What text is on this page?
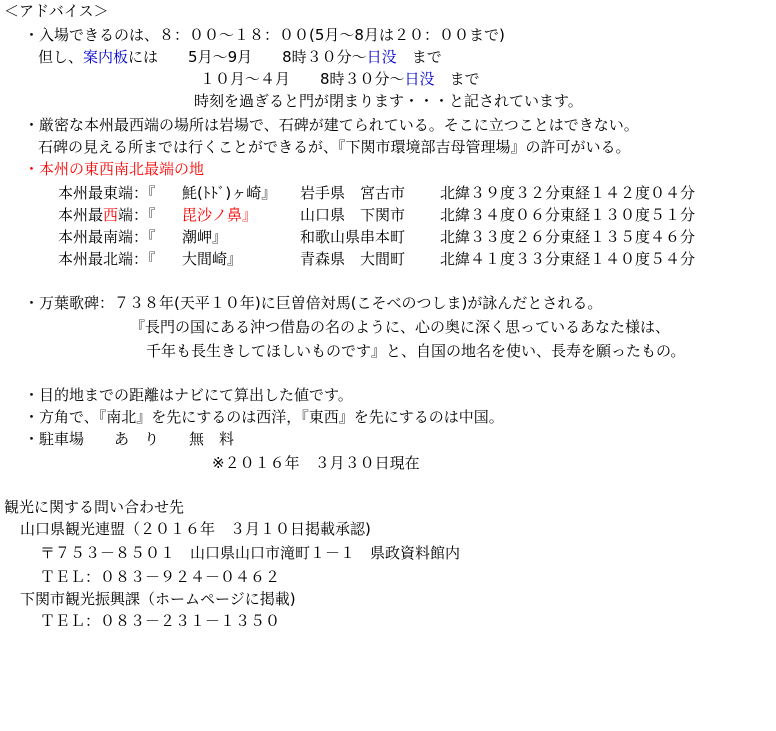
＜アドバイス＞
・入場できるのは、８：００～１８：００(5月～8月は２０：００まで)
但し、案内板には　　5月～9月　　8時３０分～日没　まで
１０月～４月　　8時３０分～日没　まで
時刻を過ぎると門が閉まります・・・と記されています。
・厳密な本州最西端の場所は岩場で、石碑が建てられている。そこに立つことはできない。
石碑の見える所までは行くことができるが、『下関市環境部吉母管理場』の許可がいる。
・本州の東西南北最端の地
本州最東端：『 魹(ﾄﾄﾞ)ヶ崎』 岩手県　宮古市 北緯３９度３２分東経１４２度０４分
本州最西端：『 毘沙ノ鼻』	山口県　下関市 北緯３４度０６分東経１３０度５１分
本州最南端：『 潮岬』	和歌山県串本町 北緯３３度２６分東経１３５度４６分
本州最北端：『 大間崎』	青森県　大間町 北緯４１度３３分東経１４０度５４分
・万葉歌碑：７３８年(天平１０年)に巨曽倍対馬(こそべのつしま)が詠んだとされる。
『長門の国にある沖つ借島の名のように、心の奥に深く思っているあなた様は、
千年も長生きしてほしいものです』と、自国の地名を使い、長寿を願ったもの。
・目的地までの距離はナビにて算出した値です。
・方角で、『南北』を先にするのは西洋，『東西』を先にするのは中国。
・駐車場　　あ　り　　無　料
※２０１６年　３月３０日現在
観光に関する問い合わせ先
山口県観光連盟（２０１６年　３月１０日掲載承認)
〒７５３－８５０１　山口県山口市滝町１－１　県政資料館内
ＴＥＬ：０８３－９２４－０４６２
下関市観光振興課（ホームページに掲載)
ＴＥＬ：０８３－２３１－１３５０
